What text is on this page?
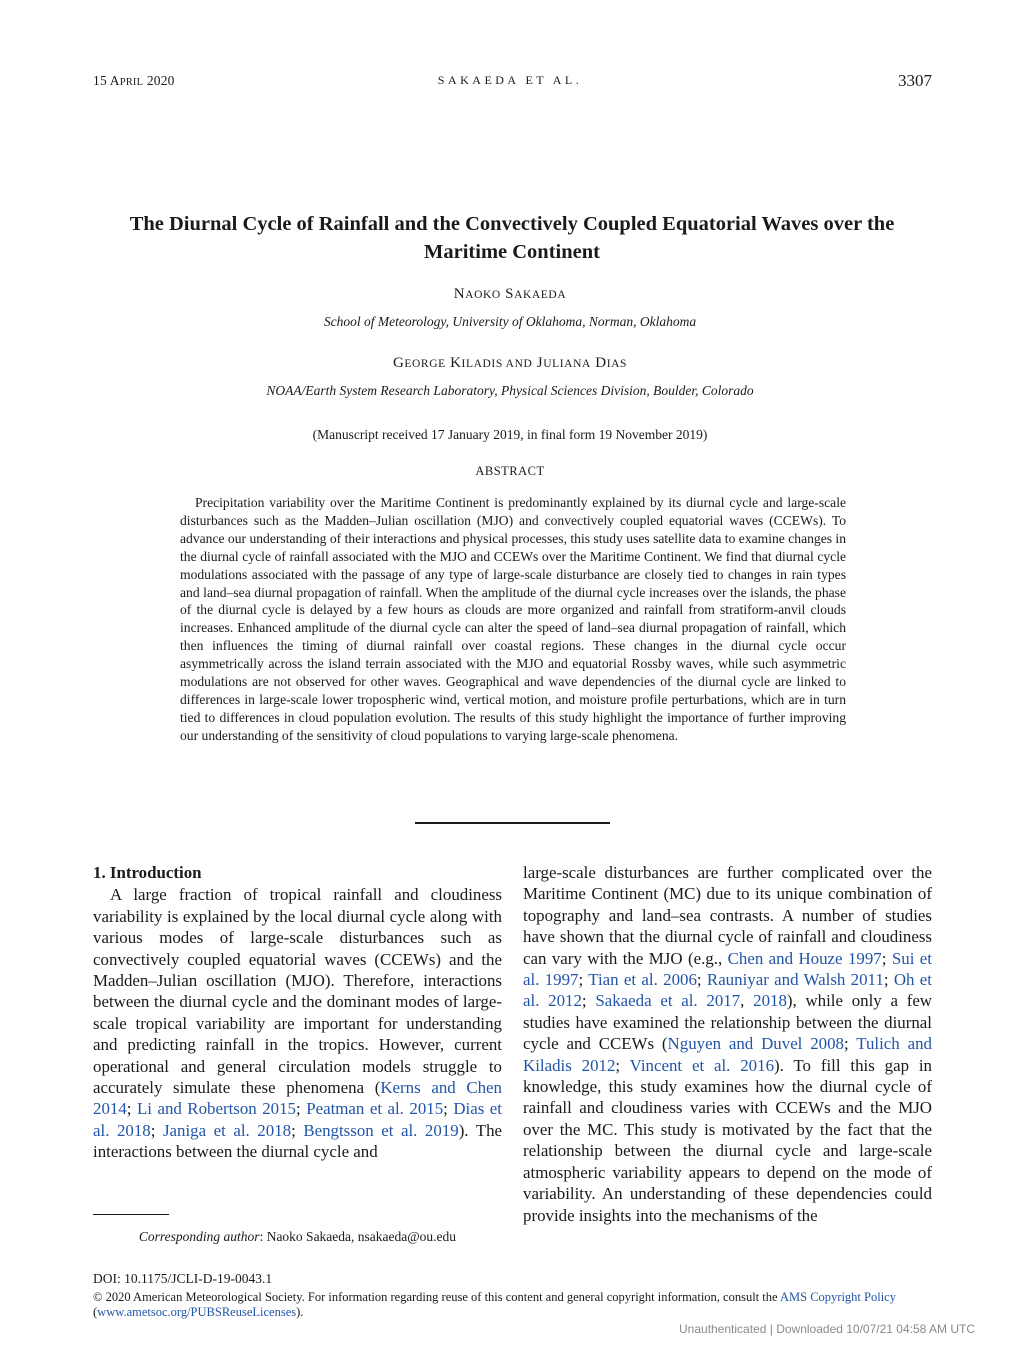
15 APRIL 2020	SAKAEDA ET AL.	3307
The Diurnal Cycle of Rainfall and the Convectively Coupled Equatorial Waves over the Maritime Continent
NAOKO SAKAEDA
School of Meteorology, University of Oklahoma, Norman, Oklahoma
GEORGE KILADIS AND JULIANA DIAS
NOAA/Earth System Research Laboratory, Physical Sciences Division, Boulder, Colorado
(Manuscript received 17 January 2019, in final form 19 November 2019)
ABSTRACT

Precipitation variability over the Maritime Continent is predominantly explained by its diurnal cycle and large-scale disturbances such as the Madden–Julian oscillation (MJO) and convectively coupled equatorial waves (CCEWs). To advance our understanding of their interactions and physical processes, this study uses satellite data to examine changes in the diurnal cycle of rainfall associated with the MJO and CCEWs over the Maritime Continent. We find that diurnal cycle modulations associated with the passage of any type of large-scale disturbance are closely tied to changes in rain types and land–sea diurnal propagation of rainfall. When the amplitude of the diurnal cycle increases over the islands, the phase of the diurnal cycle is delayed by a few hours as clouds are more organized and rainfall from stratiform-anvil clouds increases. Enhanced amplitude of the diurnal cycle can alter the speed of land–sea diurnal propagation of rainfall, which then influences the timing of diurnal rainfall over coastal regions. These changes in the diurnal cycle occur asymmetrically across the island terrain associated with the MJO and equatorial Rossby waves, while such asymmetric modulations are not observed for other waves. Geographical and wave dependencies of the diurnal cycle are linked to differences in large-scale lower tropospheric wind, vertical motion, and moisture profile perturbations, which are in turn tied to differences in cloud population evolution. The results of this study highlight the importance of further improving our understanding of the sensitivity of cloud populations to varying large-scale phenomena.

1. Introduction

A large fraction of tropical rainfall and cloudiness variability is explained by the local diurnal cycle along with various modes of large-scale disturbances such as convectively coupled equatorial waves (CCEWs) and the Madden–Julian oscillation (MJO). Therefore, interactions between the diurnal cycle and the dominant modes of large-scale tropical variability are important for understanding and predicting rainfall in the tropics. However, current operational and general circulation models struggle to accurately simulate these phenomena (Kerns and Chen 2014; Li and Robertson 2015; Peatman et al. 2015; Dias et al. 2018; Janiga et al. 2018; Bengtsson et al. 2019). The interactions between the diurnal cycle and

large-scale disturbances are further complicated over the Maritime Continent (MC) due to its unique combination of topography and land–sea contrasts. A number of studies have shown that the diurnal cycle of rainfall and cloudiness can vary with the MJO (e.g., Chen and Houze 1997; Sui et al. 1997; Tian et al. 2006; Rauniyar and Walsh 2011; Oh et al. 2012; Sakaeda et al. 2017, 2018), while only a few studies have examined the relationship between the diurnal cycle and CCEWs (Nguyen and Duvel 2008; Tulich and Kiladis 2012; Vincent et al. 2016). To fill this gap in knowledge, this study examines how the diurnal cycle of rainfall and cloudiness varies with CCEWs and the MJO over the MC. This study is motivated by the fact that the relationship between the diurnal cycle and large-scale atmospheric variability appears to depend on the mode of variability. An understanding of these dependencies could provide insights into the mechanisms of the

Corresponding author: Naoko Sakaeda, nsakaeda@ou.edu
DOI: 10.1175/JCLI-D-19-0043.1
© 2020 American Meteorological Society. For information regarding reuse of this content and general copyright information, consult the AMS Copyright Policy (www.ametsoc.org/PUBSReuseLicenses).
Unauthenticated | Downloaded 10/07/21 04:58 AM UTC
